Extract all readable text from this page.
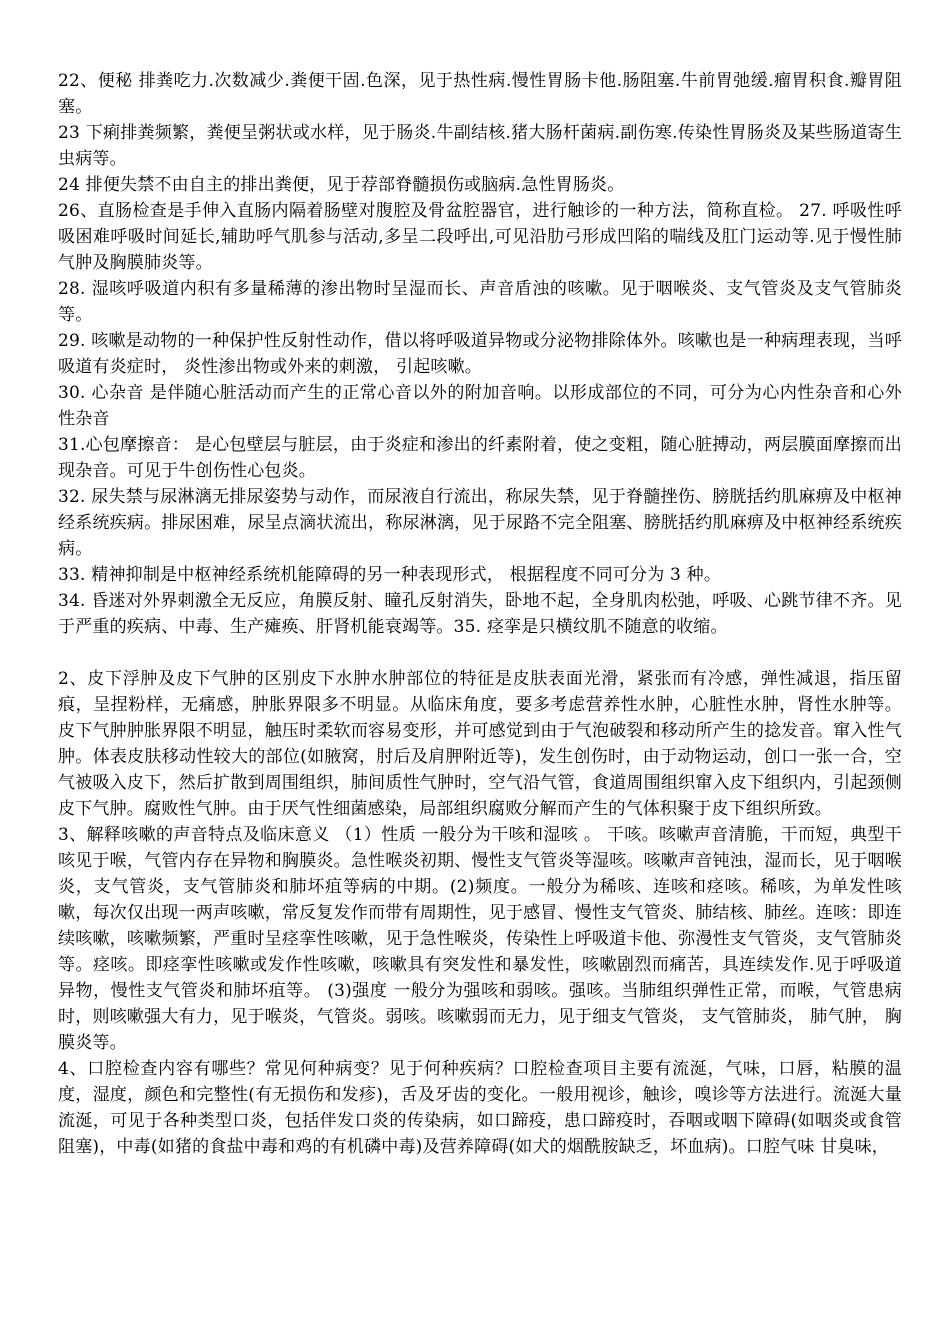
22、便秘 排粪吃力.次数减少.粪便干固.色深，见于热性病.慢性胃肠卡他.肠阻塞.牛前胃弛缓.瘤胃积食.瓣胃阻塞。

23 下痢排粪频繁，粪便呈粥状或水样，见于肠炎.牛副结核.猪大肠杆菌病.副伤寒.传染性胃肠炎及某些肠道寄生虫病等。

24 排便失禁不由自主的排出粪便，见于荐部脊髓损伤或脑病.急性胃肠炎。

26、直肠检查是手伸入直肠内隔着肠壁对腹腔及骨盆腔器官，进行触诊的一种方法，简称直检。 27. 呼吸性呼吸困难呼吸时间延长,辅助呼气肌参与活动,多呈二段呼出,可见沿肋弓形成凹陷的喘线及肛门运动等.见于慢性肺气肿及胸膜肺炎等。

28. 湿咳呼吸道内积有多量稀薄的渗出物时呈湿而长、声音盾浊的咳嗽。见于咽喉炎、支气管炎及支气管肺炎等。

29. 咳嗽是动物的一种保护性反射性动作，借以将呼吸道异物或分泌物排除体外。咳嗽也是一种病理表现，当呼吸道有炎症时， 炎性渗出物或外来的刺激， 引起咳嗽。

30. 心杂音 是伴随心脏活动而产生的正常心音以外的附加音响。以形成部位的不同，可分为心内性杂音和心外性杂音

31.心包摩擦音： 是心包壁层与脏层，由于炎症和渗出的纤素附着，使之变粗，随心脏搏动，两层膜面摩擦而出现杂音。可见于牛创伤性心包炎。

32. 尿失禁与尿淋漓无排尿姿势与动作，而尿液自行流出，称尿失禁，见于脊髓挫伤、膀胱括约肌麻痹及中枢神经系统疾病。排尿困难，尿呈点滴状流出，称尿淋漓，见于尿路不完全阻塞、膀胱括约肌麻痹及中枢神经系统疾病。

33. 精神抑制是中枢神经系统机能障碍的另一种表现形式， 根据程度不同可分为 3 种。

34. 昏迷对外界刺激全无反应，角膜反射、瞳孔反射消失，卧地不起，全身肌肉松弛，呼吸、心跳节律不齐。见于严重的疾病、中毒、生产瘫痪、肝肾机能衰竭等。35. 痉挛是只横纹肌不随意的收缩。

2、皮下浮肿及皮下气肿的区别皮下水肿水肿部位的特征是皮肤表面光滑，紧张而有冷感，弹性减退，指压留痕，呈捏粉样，无痛感，肿胀界限多不明显。从临床角度，要多考虑营养性水肿，心脏性水肿，肾性水肿等。 皮下气肿肿胀界限不明显，触压时柔软而容易变形，并可感觉到由于气泡破裂和移动所产生的捻发音。窜入性气肿。体表皮肤移动性较大的部位(如腋窝，肘后及肩胛附近等)，发生创伤时，由于动物运动，创口一张一合，空气被吸入皮下，然后扩散到周围组织，肺间质性气肿时，空气沿气管，食道周围组织窜入皮下组织内，引起颈侧皮下气肿。腐败性气肿。由于厌气性细菌感染，局部组织腐败分解而产生的气体积聚于皮下组织所致。

3、解释咳嗽的声音特点及临床意义 （1）性质 一般分为干咳和湿咳 。 干咳。咳嗽声音清脆，干而短，典型干咳见于喉，气管内存在异物和胸膜炎。急性喉炎初期、慢性支气管炎等湿咳。咳嗽声音钝浊，湿而长，见于咽喉炎，支气管炎，支气管肺炎和肺坏疽等病的中期。(2)频度。一般分为稀咳、连咳和痉咳。稀咳，为单发性咳嗽，每次仅出现一两声咳嗽，常反复发作而带有周期性，见于感冒、慢性支气管炎、肺结核、肺丝。连咳：即连续咳嗽，咳嗽频繁，严重时呈痉挛性咳嗽，见于急性喉炎，传染性上呼吸道卡他、弥漫性支气管炎，支气管肺炎等。痉咳。即痉挛性咳嗽或发作性咳嗽，咳嗽具有突发性和暴发性，咳嗽剧烈而痛苦，具连续发作.见于呼吸道异物，慢性支气管炎和肺坏疽等。 (3)强度 一般分为强咳和弱咳。强咳。当肺组织弹性正常，而喉，气管患病时，则咳嗽强大有力，见于喉炎，气管炎。弱咳。咳嗽弱而无力，见于细支气管炎， 支气管肺炎， 肺气肿， 胸膜炎等。

4、口腔检查内容有哪些？常见何种病变？见于何种疾病？口腔检查项目主要有流涎，气味，口唇，粘膜的温度，湿度，颜色和完整性(有无损伤和发疹)，舌及牙齿的变化。一般用视诊，触诊，嗅诊等方法进行。流涎大量流涎，可见于各种类型口炎，包括伴发口炎的传染病，如口蹄疫，患口蹄疫时，吞咽或咽下障碍(如咽炎或食管阻塞)，中毒(如猪的食盐中毒和鸡的有机磷中毒)及营养障碍(如犬的烟酰胺缺乏，坏血病)。口腔气味 甘臭味，
